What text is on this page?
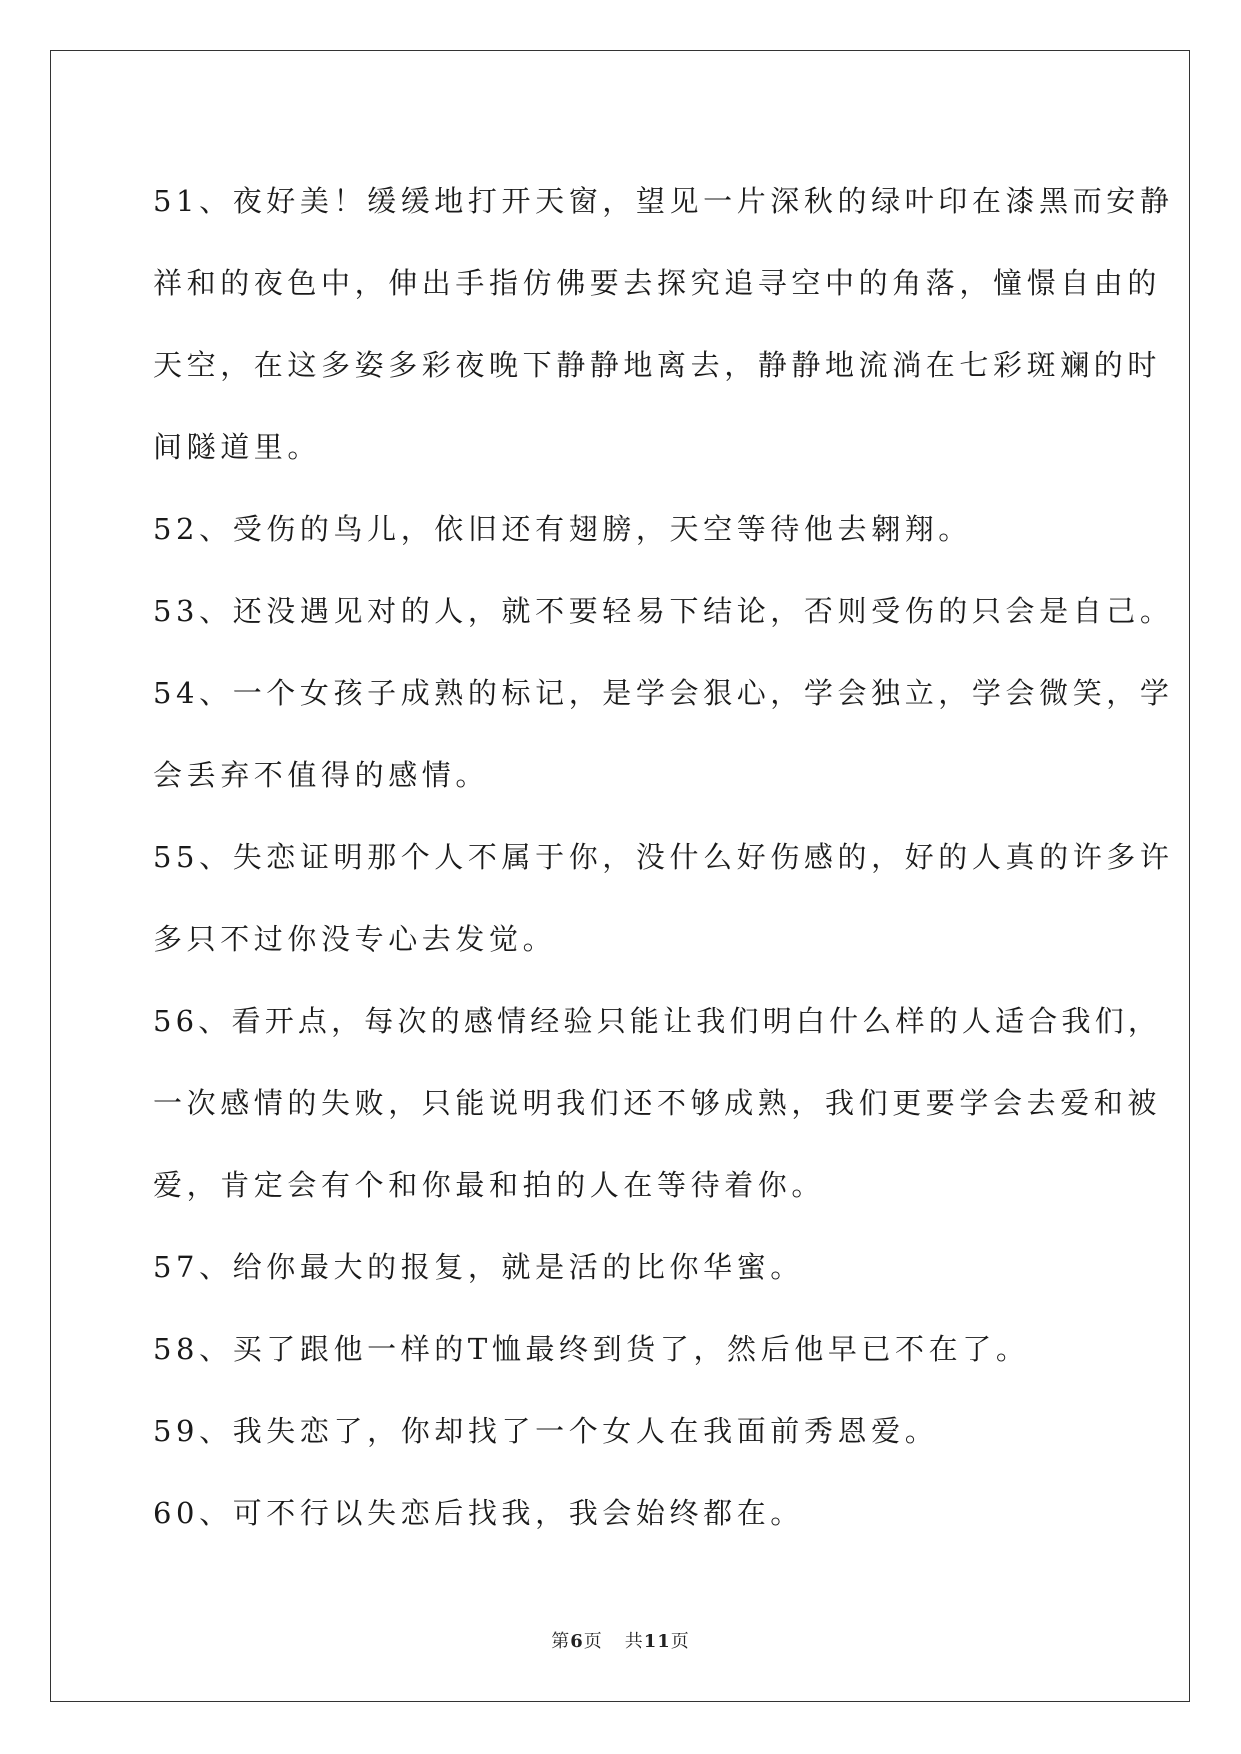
51、夜好美！缓缓地打开天窗，望见一片深秋的绿叶印在漆黑而安静

祥和的夜色中，伸出手指仿佛要去探究追寻空中的角落，憧憬自由的

天空，在这多姿多彩夜晚下静静地离去，静静地流淌在七彩斑斓的时

间隧道里。

52、受伤的鸟儿，依旧还有翅膀，天空等待他去翱翔。

53、还没遇见对的人，就不要轻易下结论，否则受伤的只会是自己。

54、一个女孩子成熟的标记，是学会狠心，学会独立，学会微笑，学

会丢弃不值得的感情。

55、失恋证明那个人不属于你，没什么好伤感的，好的人真的许多许

多只不过你没专心去发觉。

56、看开点，每次的感情经验只能让我们明白什么样的人适合我们，

一次感情的失败，只能说明我们还不够成熟，我们更要学会去爱和被

爱，肯定会有个和你最和拍的人在等待着你。

57、给你最大的报复，就是活的比你华蜜。

58、买了跟他一样的T恤最终到货了，然后他早已不在了。

59、我失恋了，你却找了一个女人在我面前秀恩爱。

60、可不行以失恋后找我，我会始终都在。

第6页 共11页
